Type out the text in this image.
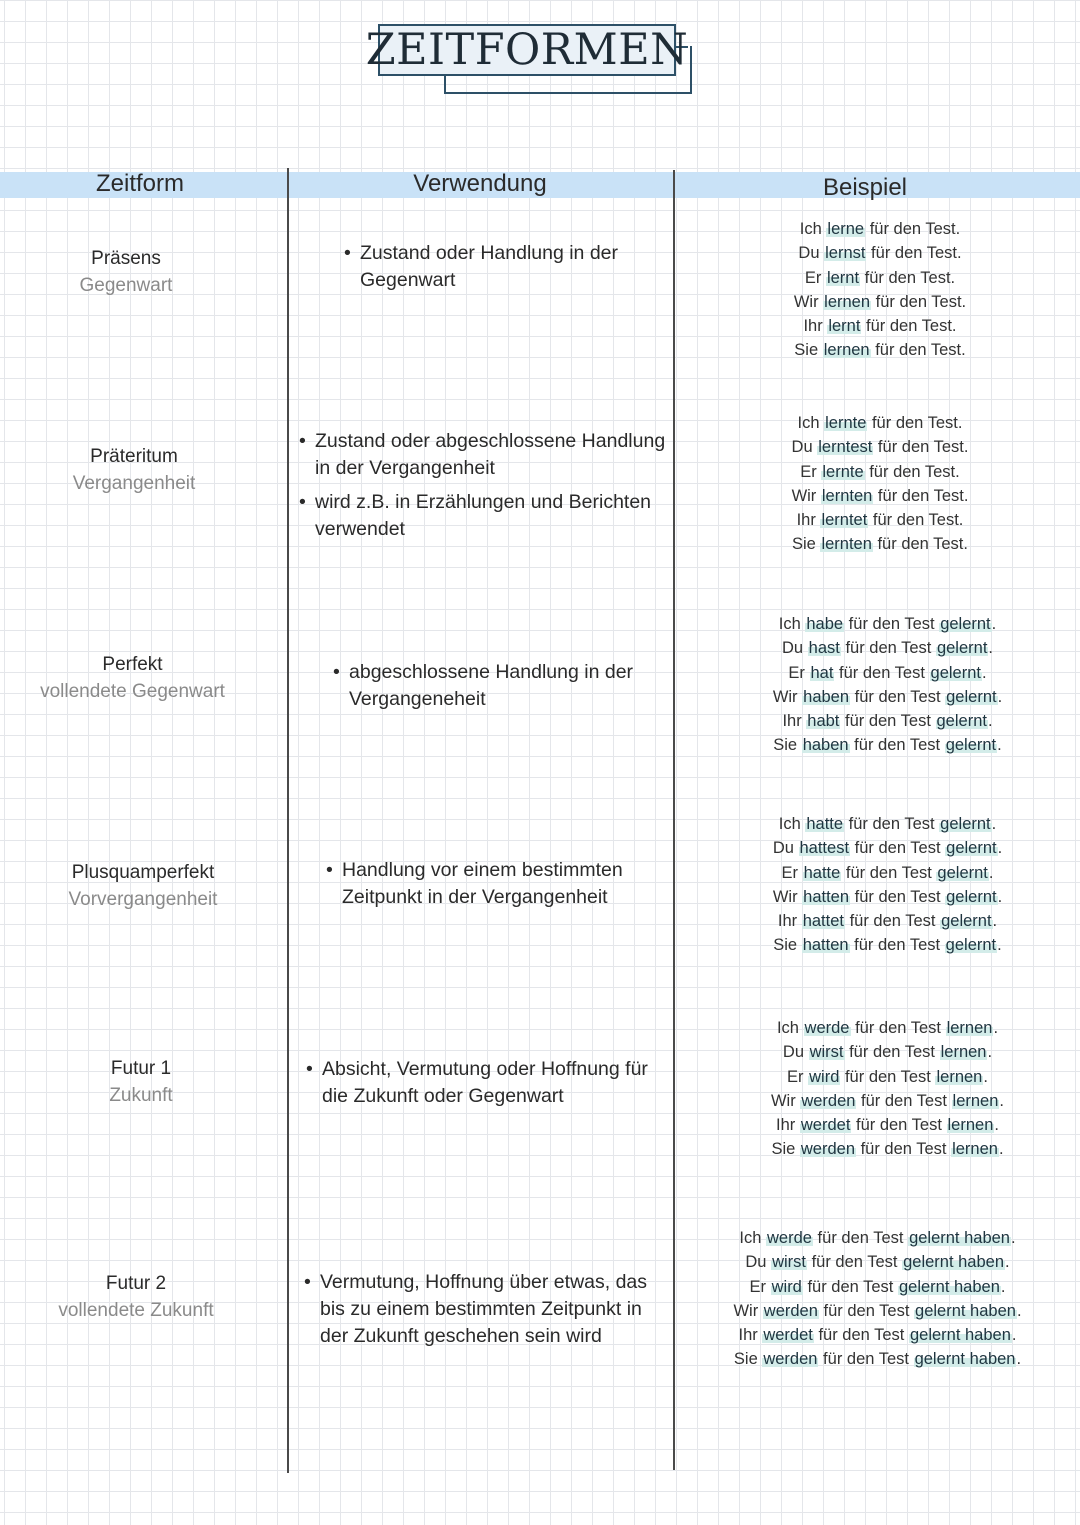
ZEITFORMEN
Zeitform	Verwendung	Beispiel
Präsens
Gegenwart
• Zustand oder Handlung in der Gegenwart
Ich lerne für den Test.
Du lernst für den Test.
Er lernt für den Test.
Wir lernen für den Test.
Ihr lernt für den Test.
Sie lernen für den Test.
Präteritum
Vergangenheit
• Zustand oder abgeschlossene Handlung in der Vergangenheit
• wird z.B. in Erzählungen und Berichten verwendet
Ich lernte für den Test.
Du lerntest für den Test.
Er lernte für den Test.
Wir lernten für den Test.
Ihr lerntet für den Test.
Sie lernten für den Test.
Perfekt
vollendete Gegenwart
• abgeschlossene Handlung in der Vergangeneheit
Ich habe für den Test gelernt.
Du hast für den Test gelernt.
Er hat für den Test gelernt.
Wir haben für den Test gelernt.
Ihr habt für den Test gelernt.
Sie haben für den Test gelernt.
Plusquamperfekt
Vorvergangenheit
• Handlung vor einem bestimmten Zeitpunkt in der Vergangenheit
Ich hatte für den Test gelernt.
Du hattest für den Test gelernt.
Er hatte für den Test gelernt.
Wir hatten für den Test gelernt.
Ihr hattet für den Test gelernt.
Sie hatten für den Test gelernt.
Futur 1
Zukunft
• Absicht, Vermutung oder Hoffnung für die Zukunft oder Gegenwart
Ich werde für den Test lernen.
Du wirst für den Test lernen.
Er wird für den Test lernen.
Wir werden für den Test lernen.
Ihr werdet für den Test lernen.
Sie werden für den Test lernen.
Futur 2
vollendete Zukunft
• Vermutung, Hoffnung über etwas, das bis zu einem bestimmten Zeitpunkt in der Zukunft geschehen sein wird
Ich werde für den Test gelernt haben.
Du wirst für den Test gelernt haben.
Er wird für den Test gelernt haben.
Wir werden für den Test gelernt haben.
Ihr werdet für den Test gelernt haben.
Sie werden für den Test gelernt haben.
